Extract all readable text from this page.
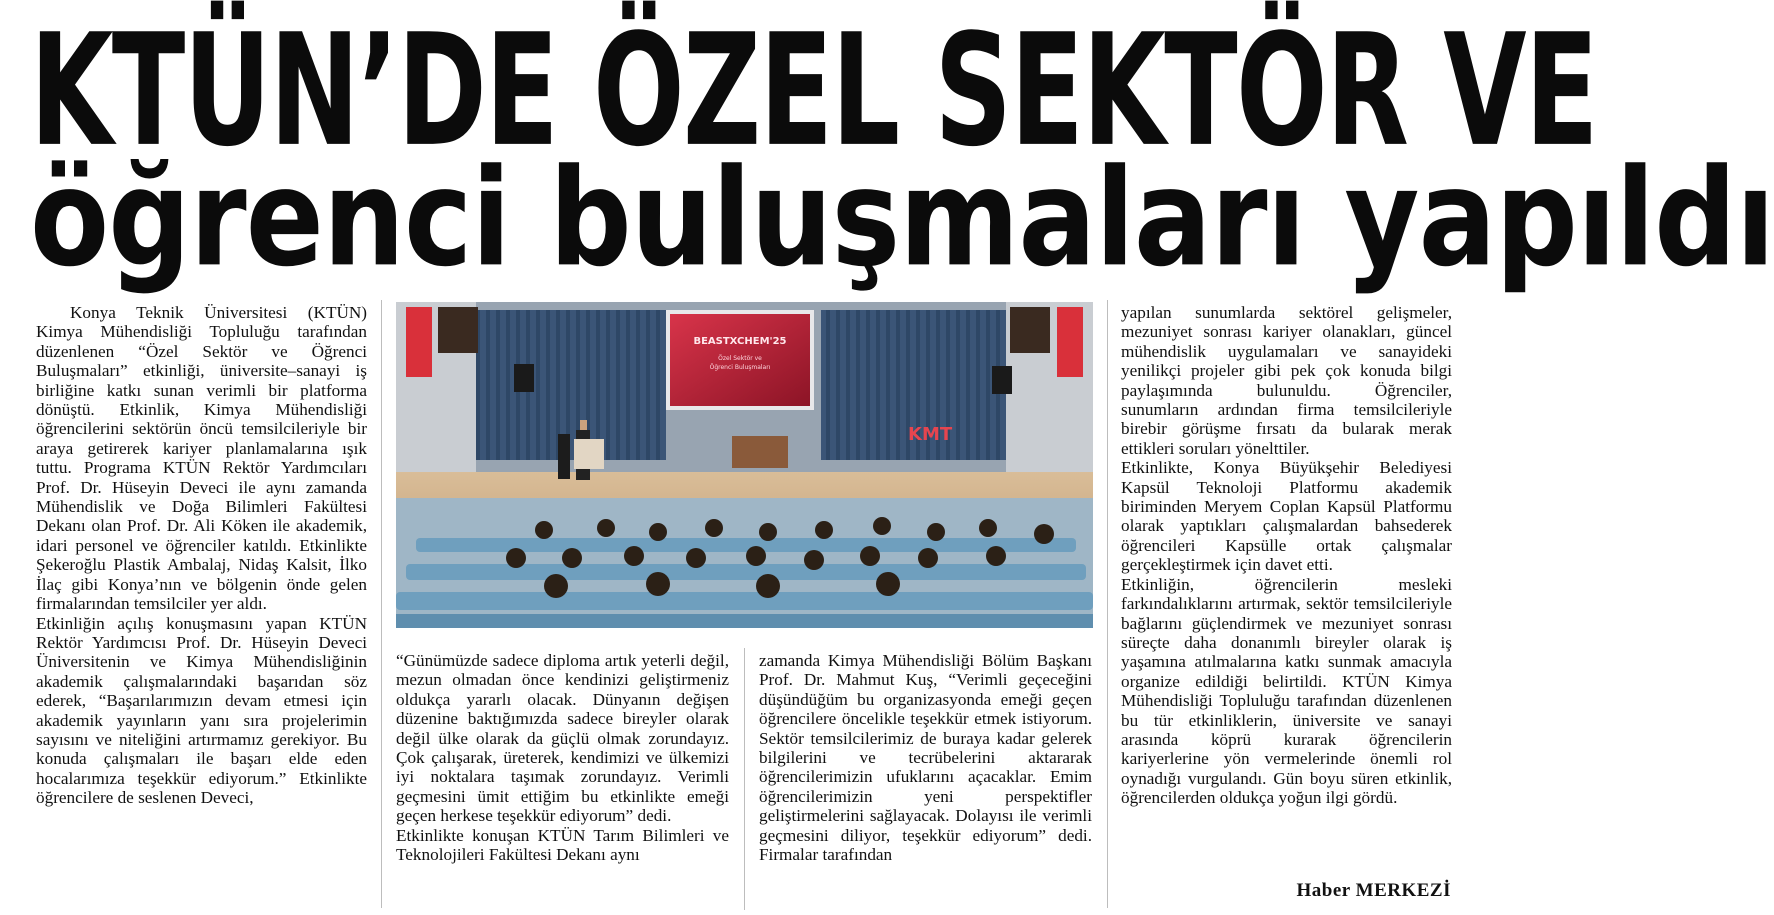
KTÜN’DE ÖZEL SEKTÖR VE
öğrenci buluşmaları yapıldı

Konya Teknik Üniversitesi (KTÜN) Kimya Mühendisliği Topluluğu tarafından düzenlenen “Özel Sektör ve Öğrenci Buluşmaları” etkinliği, üniversite–sanayi iş birliğine katkı sunan verimli bir platforma dönüştü. Etkinlik, Kimya Mühendisliği öğrencilerini sektörün öncü temsilcileriyle bir araya getirerek kariyer planlamalarına ışık tuttu. Programa KTÜN Rektör Yardımcıları Prof. Dr. Hüseyin Deveci ile aynı zamanda Mühendislik ve Doğa Bilimleri Fakültesi Dekanı olan Prof. Dr. Ali Köken ile akademik, idari personel ve öğrenciler katıldı. Etkinlikte Şekeroğlu Plastik Ambalaj, Nidaş Kalsit, İlko İlaç gibi Konya’nın ve bölgenin önde gelen firmalarından temsilciler yer aldı.

Etkinliğin açılış konuşmasını yapan KTÜN Rektör Yardımcısı Prof. Dr. Hüseyin Deveci Üniversitenin ve Kimya Mühendisliğinin akademik çalışmalarındaki başarıdan söz ederek, “Başarılarımızın devam etmesi için akademik yayınların yanı sıra projelerimin sayısını ve niteliğini artırmamız gerekiyor. Bu konuda çalışmaları ile başarı elde eden hocalarımıza teşekkür ediyorum.” Etkinlikte öğrencilere de seslenen Deveci,

BEASTXCHEM'25
Özel Sektör ve
Öğrenci Buluşmaları
KMT

“Günümüzde sadece diploma artık yeterli değil, mezun olmadan önce kendinizi geliştirmeniz oldukça yararlı olacak. Dünyanın değişen düzenine baktığımızda sadece bireyler olarak değil ülke olarak da güçlü olmak zorundayız. Çok çalışarak, üreterek, kendimizi ve ülkemizi iyi noktalara taşımak zorundayız. Verimli geçmesini ümit ettiğim bu etkinlikte emeği geçen herkese teşekkür ediyorum” dedi.

Etkinlikte konuşan KTÜN Tarım Bilimleri ve Teknolojileri Fakültesi Dekanı aynı

zamanda Kimya Mühendisliği Bölüm Başkanı Prof. Dr. Mahmut Kuş, “Verimli geçeceğini düşündüğüm bu organizasyonda emeği geçen öğrencilere öncelikle teşekkür etmek istiyorum. Sektör temsilcilerimiz de buraya kadar gelerek bilgilerini ve tecrübelerini aktararak öğrencilerimizin ufuklarını açacaklar. Emim öğrencilerimizin yeni perspektifler geliştirmelerini sağlayacak. Dolayısı ile verimli geçmesini diliyor, teşekkür ediyorum” dedi. Firmalar tarafından

yapılan sunumlarda sektörel gelişmeler, mezuniyet sonrası kariyer olanakları, güncel mühendislik uygulamaları ve sanayideki yenilikçi projeler gibi pek çok konuda bilgi paylaşımında bulunuldu. Öğrenciler, sunumların ardından firma temsilcileriyle birebir görüşme fırsatı da bularak merak ettikleri soruları yönelttiler.

Etkinlikte, Konya Büyükşehir Belediyesi Kapsül Teknoloji Platformu akademik biriminden Meryem Coplan Kapsül Platformu olarak yaptıkları çalışmalardan bahsederek öğrencileri Kapsülle ortak çalışmalar gerçekleştirmek için davet etti.

Etkinliğin, öğrencilerin mesleki farkındalıklarını artırmak, sektör temsilcileriyle bağlarını güçlendirmek ve mezuniyet sonrası süreçte daha donanımlı bireyler olarak iş yaşamına atılmalarına katkı sunmak amacıyla organize edildiği belirtildi. KTÜN Kimya Mühendisliği Topluluğu tarafından düzenlenen bu tür etkinliklerin, üniversite ve sanayi arasında köprü kurarak öğrencilerin kariyerlerine yön vermelerinde önemli rol oynadığı vurgulandı. Gün boyu süren etkinlik, öğrencilerden oldukça yoğun ilgi gördü.

Haber MERKEZİ
